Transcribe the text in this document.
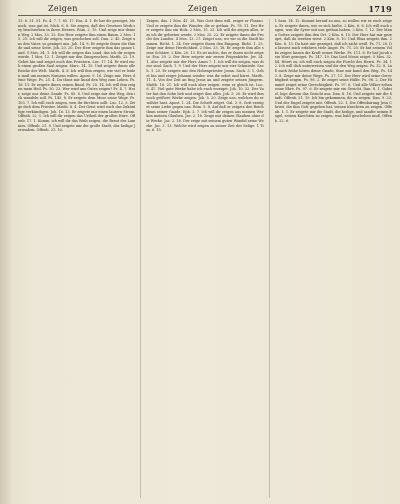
Zeigen	Zeigen	Zeigen	1719
13. 6. 31. 51. Ps. 4. 7. 7. 85. 17. Esa. 4. 1. Er hat dir gezeiget, Mensch, was gut ist. Mich. 6. 8. Sie zeigen, daß des Gesetzes Werk sey beschrieben in ihren Herzen. Röm. 2. 15. Und zeige mir deinen Weg. 2 Mos. 33. 13. Der Herr zeigete ihm einen Baum. 2 Mos. 15. 25. Ich will dir zeigen, was geschehen soll. Dan. 2. 45. Zeige uns den Vater, so genüget uns. Joh. 14. 8. Er zeigete ihnen die Hände und seine Seite. Joh. 20. 20. Der Herr zeigete ihm das ganze Land. 5 Mos. 34. 1. Ich will dir zeigen das Land, das ich dir zeigen werde. 1 Mos. 12. 1. Zeiget mir den Zinsgroschen. Matth. 22. 19. Gehet hin und zeiget euch den Priestern. Luc. 17. 14. Er wird euch einen großen Saal zeigen. Marc. 14. 15. Und zeigete ihnen alle Reiche der Welt. Matth. 4. 8. Ich will ihm zeigen, wie viel er leiden muß um meines Namens willen. Apost. 9. 16. Zeige mir, Herr, deine Wege. Ps. 25. 4. Du thust mir kund den Weg zum Leben. Ps. 16. 11. Er zeigete ihnen seinen Bund. Ps. 25. 14. Ich will ihm zeigen mein Heil. Ps. 50. 23. Wer wird uns Gutes zeigen? Ps. 4. 7. Herr, zeige uns deine Gnade. Ps. 85. 8. Und zeige mir den Weg, den ich wandeln soll. Ps. 143. 8. Er zeigete dem Mose seine Wege. Ps. 103. 7. Ich will euch zeigen, wen ihr fürchten sollt. Luc. 12. 5. Zeige dich dem Priester. Matth. 8. 4. Der Geist wird euch das Zukünftige verkündigen. Joh. 16. 13. Er zeigete mir einen lautern Strom. Offenb. 22. 1. Ich will dir zeigen das Urtheil der großen Hure. Offenb. 17. 1. Komm, ich will dir das Weib zeigen, die Braut des Lammes. Offenb. 21. 9. Und zeigete mir die große Stadt, das heilige Jerusalem. Offenb. 21. 10.
Zeigen, das. 1 Mos. 41. 28. Was Gott thun will, zeiget er Pharao. Und er zeigete ihm die Wunder, die er gethan. Ps. 78. 11. Der Herr zeigete ihm ein Holz. 2 Mos. 15. 25. Ich will dir zeigen alles, was ich dir gebieten werde. 2 Mos. 25. 22. Er zeigete ihnen die Frucht des Landes. 4 Mos. 13. 27. Zeiget uns, wo wir in die Stadt kommen. Richt. 1. 24. Der zeigete ihnen den Eingang. Richt. 1. 25. Zeige mir deine Herrlichkeit. 2 Mos. 33. 18. Er zeigete ihm alle seine Schätze. 2 Kön. 20. 13. Es ist nichts, das er ihnen nicht zeigete. Esa. 39. 2. Der Herr zeigete mir zween Feigenkörbe. Jer. 24. 1. Also zeigete mir der Herr. Amos 7. 1. Ich will dir zeigen, was diese sind. Sach. 1. 9. Und der Herr zeigete mir vier Schmiede. Sach. 1. 20. Er zeigete mir den Hohenpriester Josua. Sach. 3. 1. Gehet hin und zeiget Johanni wieder, was ihr sehet und höret. Matth. 11. 4. Von der Zeit an fing Jesus an und zeigete seinen Jüngern. Matth. 16. 21. Ich will euch aber zeigen, wem er gleich ist. Luc. 6. 47. Viel gute Werke habe ich euch erzeiget. Joh. 10. 32. Der Vater hat den Sohn lieb und zeiget ihm alles. Joh. 5. 20. Er wird ihm noch größere Werke zeigen. Joh. 5. 20. Zeige uns, welchen du erwählet hast. Apost. 1. 24. Die Schrift zeiget. Gal. 3. 8. Gott erzeiget seine Liebe gegen uns. Röm. 5. 8. Auf daß er zeigete den Reichthum seiner Gnade. Eph. 2. 7. Ich will dir zeigen aus meinen Werken meinen Glauben. Jac. 2. 18. Zeige mir deinen Glauben ohne die Werke. Jac. 2. 18. Der zeige mit seinem guten Wandel seine Werke. Jac. 3. 13. Welche wird zeigen zu seiner Zeit der Selige. 1 Tim. 6. 15.
1 Sam. 14. 12. Kommt herauf zu uns, so wollen wir es euch zeigen. Er zeigete ihnen, wie er sich hielte. 2 Kön. 6. 6. Ich will euch sagen, was die Syrer mit uns gethan haben. 2 Kön. 7. 12. Der Mann Gottes zeigete ihm den Ort. 2 Kön. 6. 10. Der Herr hat mir gezeiget, daß du sterben wirst. 2 Kön. 8. 10. Und Elisa zeigete ihm. 2 Kön. 8. 13. Du hast mir gezeiget, daß ich nicht weiß. Ps. 71. 20. Du lässest mich erfahren viele Angst. Ps. 71. 20. Er hat seinem Volke zeigen lassen die Kraft seiner Werke. Ps. 111. 6. Er hat Jacob sein Wort gezeiget. Ps. 147. 19. Das Lied Mosis zeiget. 5 Mos. 32. 44. Höret zu, ich will euch zeigen die Furcht des Herrn. Ps. 34. 12. Ich will dich unterweisen und dir den Weg zeigen. Ps. 32. 8. Laß mich frühe hören deine Gnade, thue mir kund den Weg. Ps. 143. 8. Zeige mir deine Wege. Ps. 27. 11. Der Herr wird seine Gerechtigkeit zeigen. Ps. 98. 2. Er zeiget seine Hülfe. Ps. 98. 2. Der Himmel zeiget seine Gerechtigkeit. Ps. 97. 6. Und alle Völker sehen seine Ehre. Ps. 97. 6. Er zeigete mir ein Gesicht. Dan. 8. 1. Gabriel, lege diesem das Gesicht aus. Dan. 8. 16. Und zeigete mir die Stadt. Offenb. 21. 10. Ich bin gekommen, dir zu zeigen. Dan. 9. 23. Und der Engel zeigete mir. Offenb. 22. 1. Die Offenbarung Jesu Christi, die ihm Gott gegeben hat, seinen Knechten zu zeigen. Offenb. 1. 1. Er zeigete mir die Stadt, die heilige, und sandte seinen Engel, seinen Knechten zu zeigen, was bald geschehen muß. Offenb. 22. 6.
